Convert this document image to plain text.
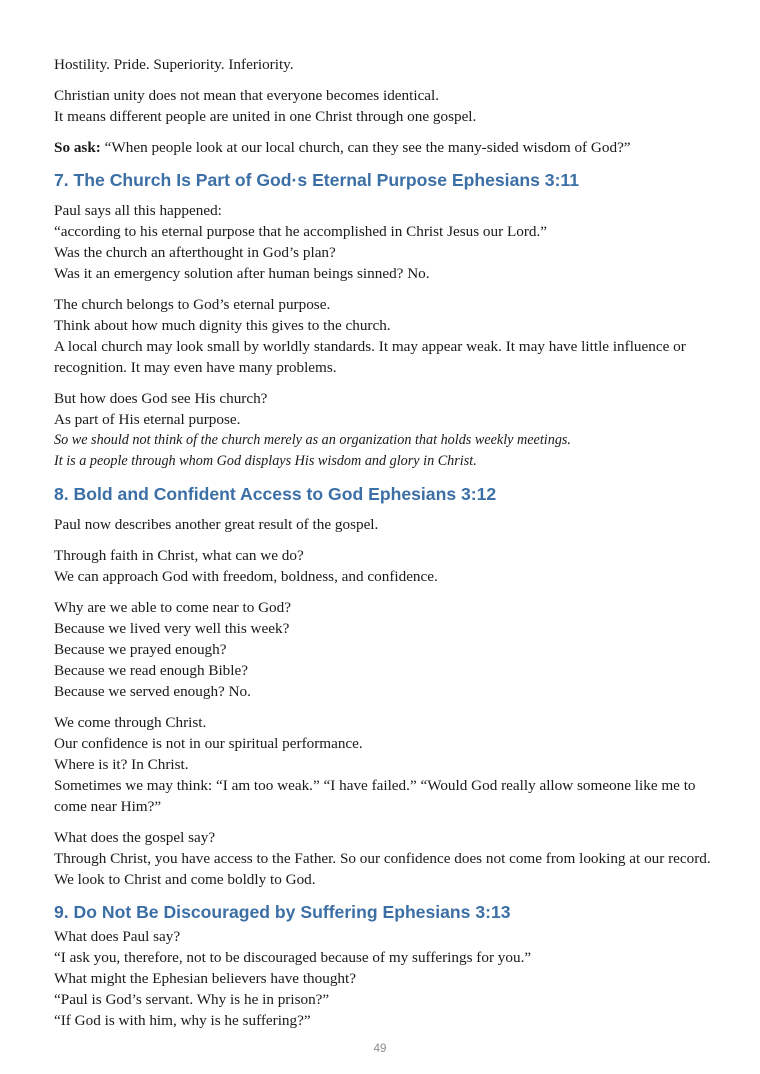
Hostility. Pride. Superiority. Inferiority.

Christian unity does not mean that everyone becomes identical.
It means different people are united in one Christ through one gospel.

So ask: “When people look at our local church, can they see the many-sided wisdom of God?”

7. The Church Is Part of God·s Eternal Purpose Ephesians 3:11

Paul says all this happened:
“according to his eternal purpose that he accomplished in Christ Jesus our Lord.”
Was the church an afterthought in God’s plan?
Was it an emergency solution after human beings sinned? No.

The church belongs to God’s eternal purpose.
Think about how much dignity this gives to the church.
A local church may look small by worldly standards. It may appear weak. It may have little influence or recognition. It may even have many problems.

But how does God see His church?
As part of His eternal purpose.

So we should not think of the church merely as an organization that holds weekly meetings.
It is a people through whom God displays His wisdom and glory in Christ.

8. Bold and Confident Access to God Ephesians 3:12

Paul now describes another great result of the gospel.

Through faith in Christ, what can we do?
We can approach God with freedom, boldness, and confidence.

Why are we able to come near to God?
Because we lived very well this week?
Because we prayed enough?
Because we read enough Bible?
Because we served enough? No.

We come through Christ.
Our confidence is not in our spiritual performance.
Where is it? In Christ.
Sometimes we may think: “I am too weak.” “I have failed.” “Would God really allow someone like me to come near Him?”

What does the gospel say?
Through Christ, you have access to the Father. So our confidence does not come from looking at our record. We look to Christ and come boldly to God.

9. Do Not Be Discouraged by Suffering Ephesians 3:13

What does Paul say?
“I ask you, therefore, not to be discouraged because of my sufferings for you.”
What might the Ephesian believers have thought?
“Paul is God’s servant. Why is he in prison?”
“If God is with him, why is he suffering?”

49
